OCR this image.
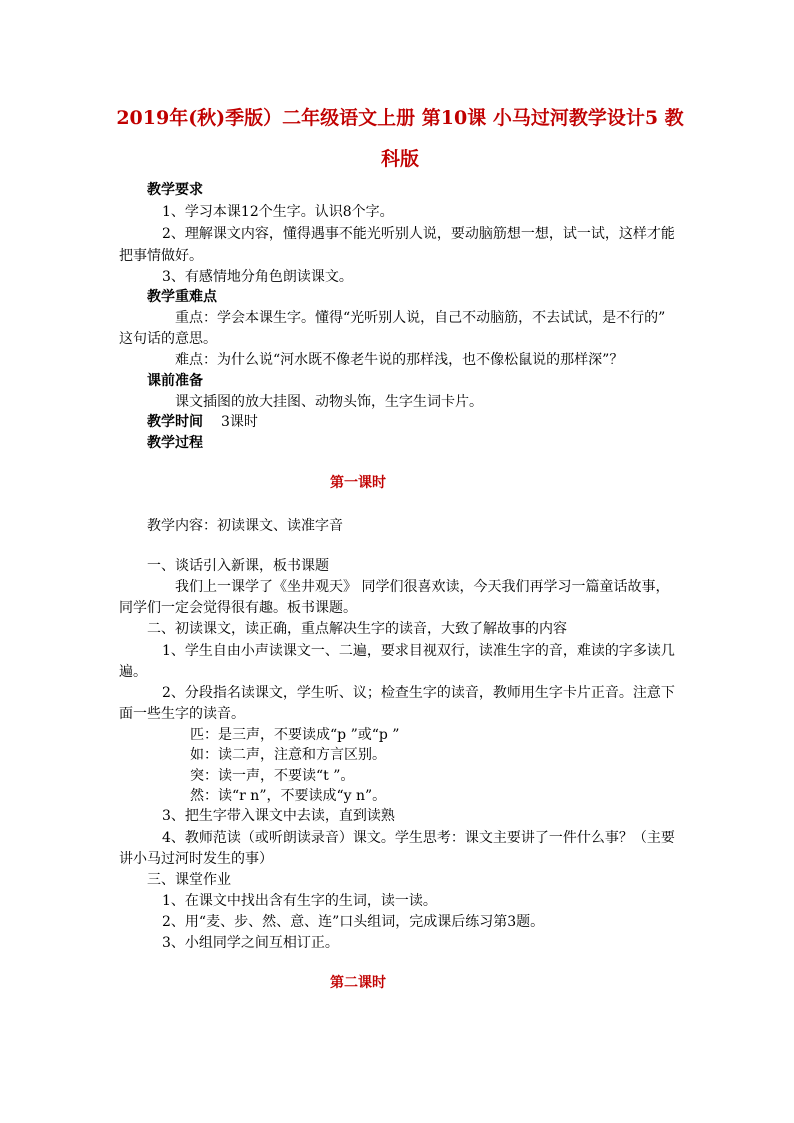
2019年(秋)季版）二年级语文上册 第10课 小马过河教学设计5 教
科版
教学要求
1、学习本课12个生字。认识8个字。
2、理解课文内容，懂得遇事不能光听别人说，要动脑筋想一想，试一试，这样才能
把事情做好。
3、有感情地分角色朗读课文。
教学重难点
重点：学会本课生字。懂得“光听别人说，自己不动脑筋，不去试试，是不行的”
这句话的意思。
难点：为什么说“河水既不像老牛说的那样浅，也不像松鼠说的那样深”？
课前准备
课文插图的放大挂图、动物头饰，生字生词卡片。
教学时间 3课时
教学过程
第一课时
教学内容：初读课文、读准字音
一、谈话引入新课，板书课题
我们上一课学了《坐井观天》 同学们很喜欢读，今天我们再学习一篇童话故事，
同学们一定会觉得很有趣。板书课题。
二、初读课文，读正确，重点解决生字的读音，大致了解故事的内容
1、学生自由小声读课文一、二遍，要求目视双行，读准生字的音，难读的字多读几
遍。
2、分段指名读课文，学生听、议；检查生字的读音，教师用生字卡片正音。注意下
面一些生字的读音。
匹：是三声，不要读成“p ”或“p ”
如：读二声，注意和方言区别。
突：读一声，不要读“t ”。
然：读“r n”，不要读成“y n”。
3、把生字带入课文中去读，直到读熟
4、教师范读（或听朗读录音）课文。学生思考：课文主要讲了一件什么事？（主要
讲小马过河时发生的事）
三、课堂作业
1、在课文中找出含有生字的生词，读一读。
2、用“麦、步、然、意、连”口头组词，完成课后练习第3题。
3、小组同学之间互相订正。
第二课时
